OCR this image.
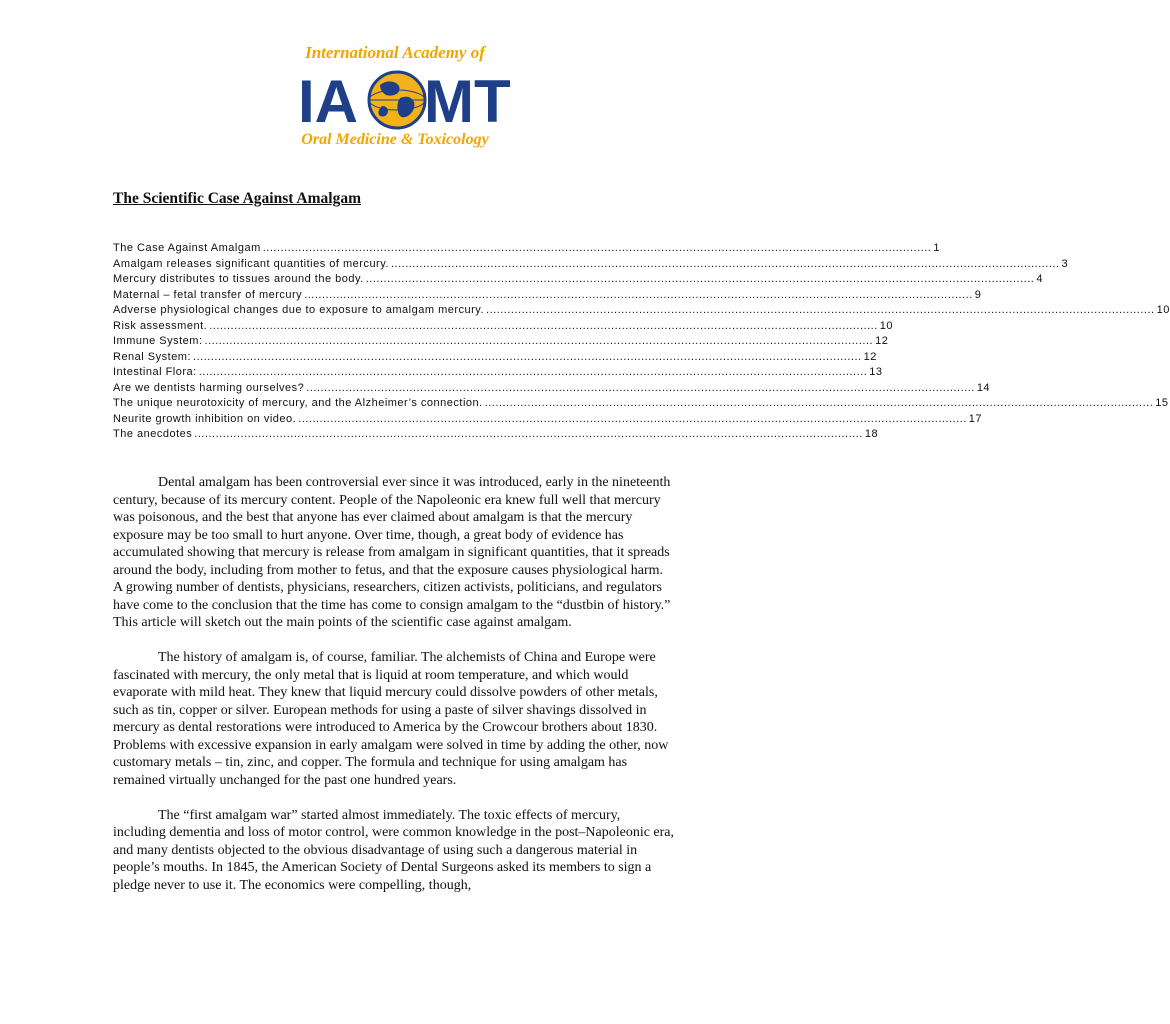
International Academy of
IA MT
Oral Medicine & Toxicology
The Scientific Case Against Amalgam
The Case Against Amalgam .....	1
Amalgam releases significant quantities of mercury. .....	3
Mercury distributes to tissues around the body. .....	4
Maternal – fetal transfer of mercury .....	9
Adverse physiological changes due to exposure to amalgam mercury. .....	10
Risk assessment. .....	10
Immune System: .....	12
Renal System: .....	12
Intestinal Flora: .....	13
Are we dentists harming ourselves? .....	14
The unique neurotoxicity of mercury, and the Alzheimer’s connection. .....	15
Neurite growth inhibition on video. .....	17
The anecdotes .....	18

Dental amalgam has been controversial ever since it was introduced, early in the nineteenth century, because of its mercury content. People of the Napoleonic era knew full well that mercury was poisonous, and the best that anyone has ever claimed about amalgam is that the mercury exposure may be too small to hurt anyone. Over time, though, a great body of evidence has accumulated showing that mercury is release from amalgam in significant quantities, that it spreads around the body, including from mother to fetus, and that the exposure causes physiological harm. A growing number of dentists, physicians, researchers, citizen activists, politicians, and regulators have come to the conclusion that the time has come to consign amalgam to the “dustbin of history.” This article will sketch out the main points of the scientific case against amalgam.

The history of amalgam is, of course, familiar. The alchemists of China and Europe were fascinated with mercury, the only metal that is liquid at room temperature, and which would evaporate with mild heat. They knew that liquid mercury could dissolve powders of other metals, such as tin, copper or silver. European methods for using a paste of silver shavings dissolved in mercury as dental restorations were introduced to America by the Crowcour brothers about 1830. Problems with excessive expansion in early amalgam were solved in time by adding the other, now customary metals – tin, zinc, and copper. The formula and technique for using amalgam has remained virtually unchanged for the past one hundred years.

The “first amalgam war” started almost immediately. The toxic effects of mercury, including dementia and loss of motor control, were common knowledge in the post–Napoleonic era, and many dentists objected to the obvious disadvantage of using such a dangerous material in people’s mouths. In 1845, the American Society of Dental Surgeons asked its members to sign a pledge never to use it. The economics were compelling, though,
